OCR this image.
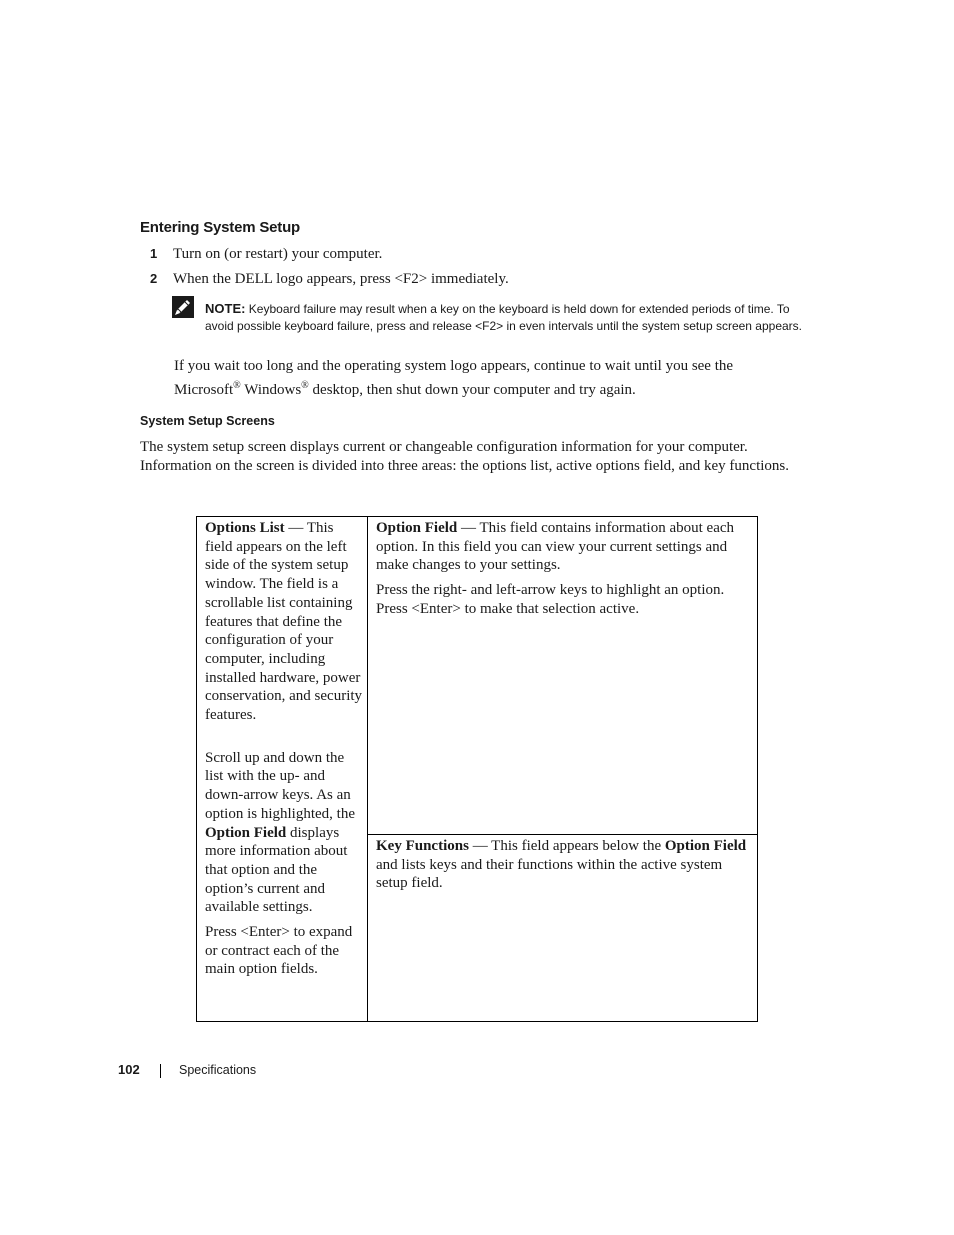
Entering System Setup
1 Turn on (or restart) your computer.
2 When the DELL logo appears, press <F2> immediately.
NOTE: Keyboard failure may result when a key on the keyboard is held down for extended periods of time. To avoid possible keyboard failure, press and release <F2> in even intervals until the system setup screen appears.
If you wait too long and the operating system logo appears, continue to wait until you see the
Microsoft® Windows® desktop, then shut down your computer and try again.
System Setup Screens
The system setup screen displays current or changeable configuration information for your computer. Information on the screen is divided into three areas: the options list, active options field, and key functions.

Options List — This field appears on the left side of the system setup window. The field is a scrollable list containing features that define the configuration of your computer, including installed hardware, power conservation, and security features.

Scroll up and down the list with the up- and down-arrow keys. As an option is highlighted, the Option Field displays more information about that option and the option’s current and available settings.

Press <Enter> to expand or contract each of the main option fields.

Option Field — This field contains information about each option. In this field you can view your current settings and make changes to your settings.

Press the right- and left-arrow keys to highlight an option. Press <Enter> to make that selection active.

Key Functions — This field appears below the Option Field and lists keys and their functions within the active system setup field.

102	Specifications
